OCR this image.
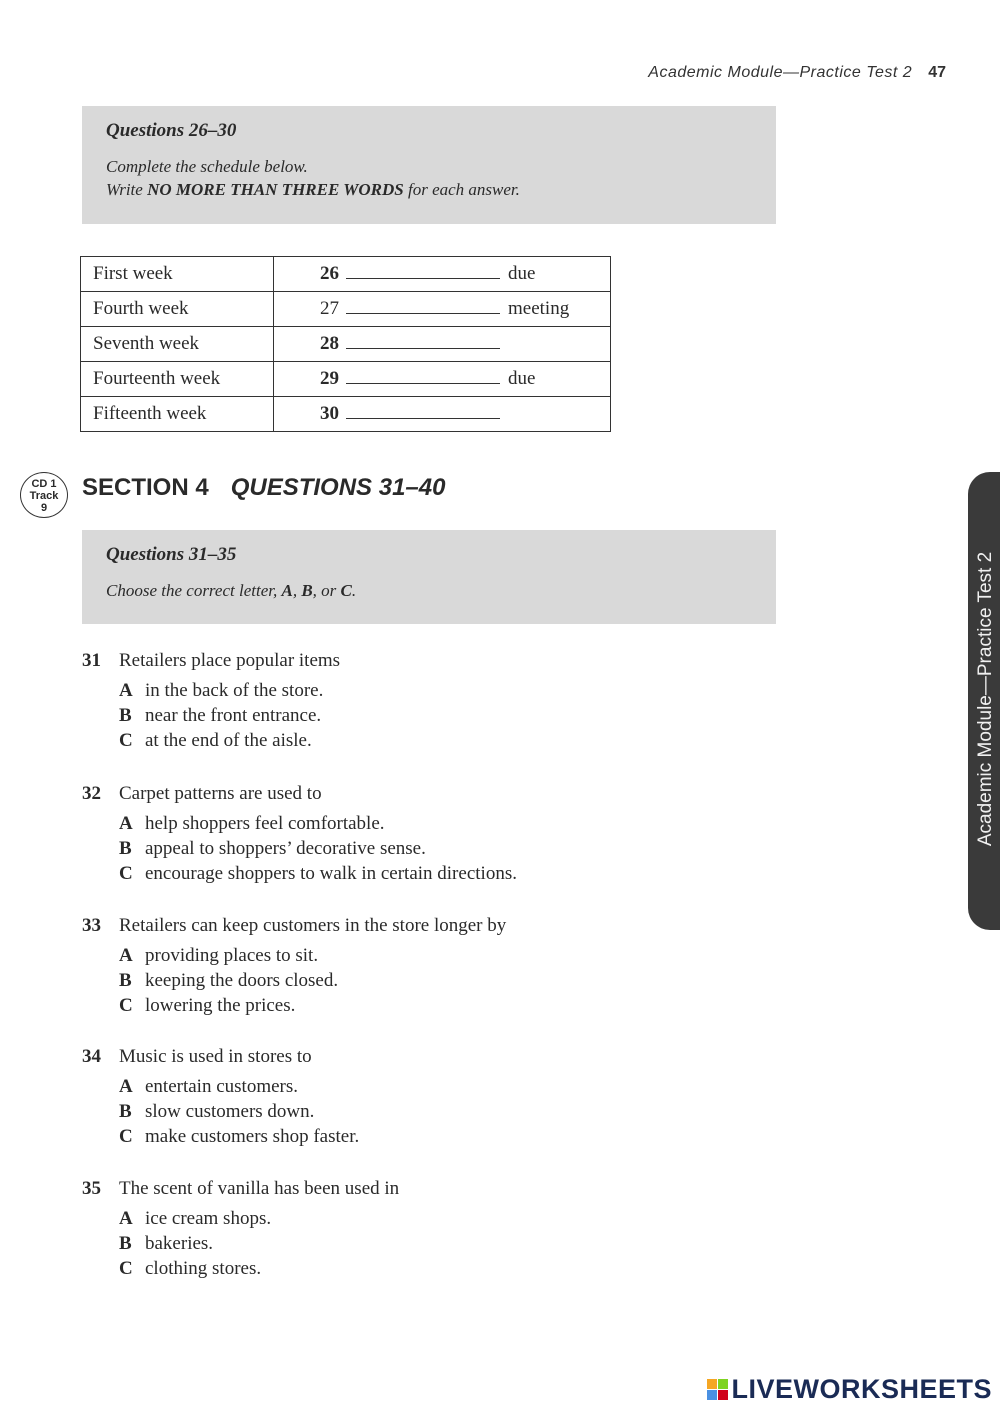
Academic Module—Practice Test 2 47
Questions 26–30
Complete the schedule below.
Write NO MORE THAN THREE WORDS for each answer.
First week	26 due
Fourth week	27 meeting
Seventh week	28
Fourteenth week	29 due
Fifteenth week	30
CD 1
Track
9
SECTION 4 QUESTIONS 31–40
Questions 31–35
Choose the correct letter, A, B, or C.
31 Retailers place popular items
A in the back of the store.
B near the front entrance.
C at the end of the aisle.
32 Carpet patterns are used to
A help shoppers feel comfortable.
B appeal to shoppers’ decorative sense.
C encourage shoppers to walk in certain directions.
33 Retailers can keep customers in the store longer by
A providing places to sit.
B keeping the doors closed.
C lowering the prices.
34 Music is used in stores to
A entertain customers.
B slow customers down.
C make customers shop faster.
35 The scent of vanilla has been used in
A ice cream shops.
B bakeries.
C clothing stores.
Academic Module—Practice Test 2
LIVEWORKSHEETS
